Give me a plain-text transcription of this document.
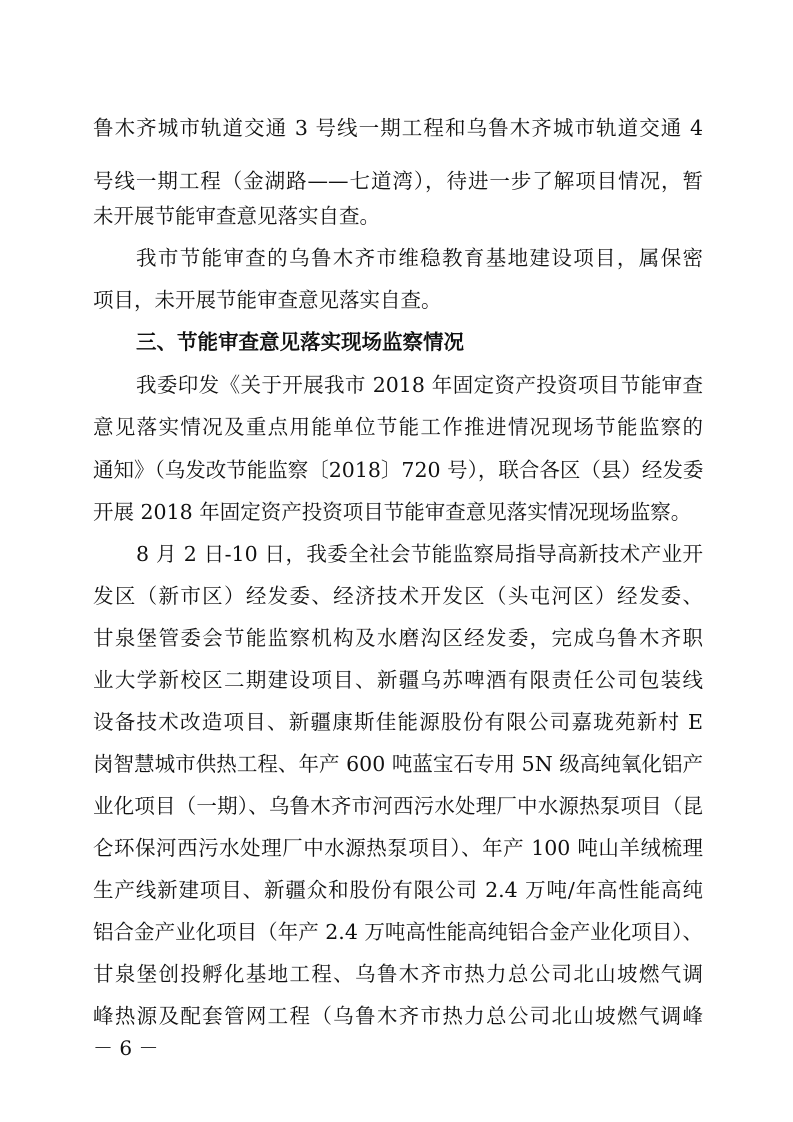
鲁木齐城市轨道交通 3 号线一期工程和乌鲁木齐城市轨道交通 4
号线一期工程（金湖路——七道湾），待进一步了解项目情况，暂
未开展节能审查意见落实自查。
我市节能审查的乌鲁木齐市维稳教育基地建设项目，属保密
项目，未开展节能审查意见落实自查。
三、节能审查意见落实现场监察情况
我委印发《关于开展我市 2018 年固定资产投资项目节能审查
意见落实情况及重点用能单位节能工作推进情况现场节能监察的
通知》（乌发改节能监察〔2018〕720 号），联合各区（县）经发委
开展 2018 年固定资产投资项目节能审查意见落实情况现场监察。
8 月 2 日-10 日，我委全社会节能监察局指导高新技术产业开
发区（新市区）经发委、经济技术开发区（头屯河区）经发委、
甘泉堡管委会节能监察机构及水磨沟区经发委，完成乌鲁木齐职
业大学新校区二期建设项目、新疆乌苏啤酒有限责任公司包装线
设备技术改造项目、新疆康斯佳能源股份有限公司嘉珑苑新村 E
岗智慧城市供热工程、年产 600 吨蓝宝石专用 5N 级高纯氧化铝产
业化项目（一期）、乌鲁木齐市河西污水处理厂中水源热泵项目（昆
仑环保河西污水处理厂中水源热泵项目）、年产 100 吨山羊绒梳理
生产线新建项目、新疆众和股份有限公司 2.4 万吨/年高性能高纯
铝合金产业化项目（年产 2.4 万吨高性能高纯铝合金产业化项目）、
甘泉堡创投孵化基地工程、乌鲁木齐市热力总公司北山坡燃气调
峰热源及配套管网工程（乌鲁木齐市热力总公司北山坡燃气调峰
－ 6 －
